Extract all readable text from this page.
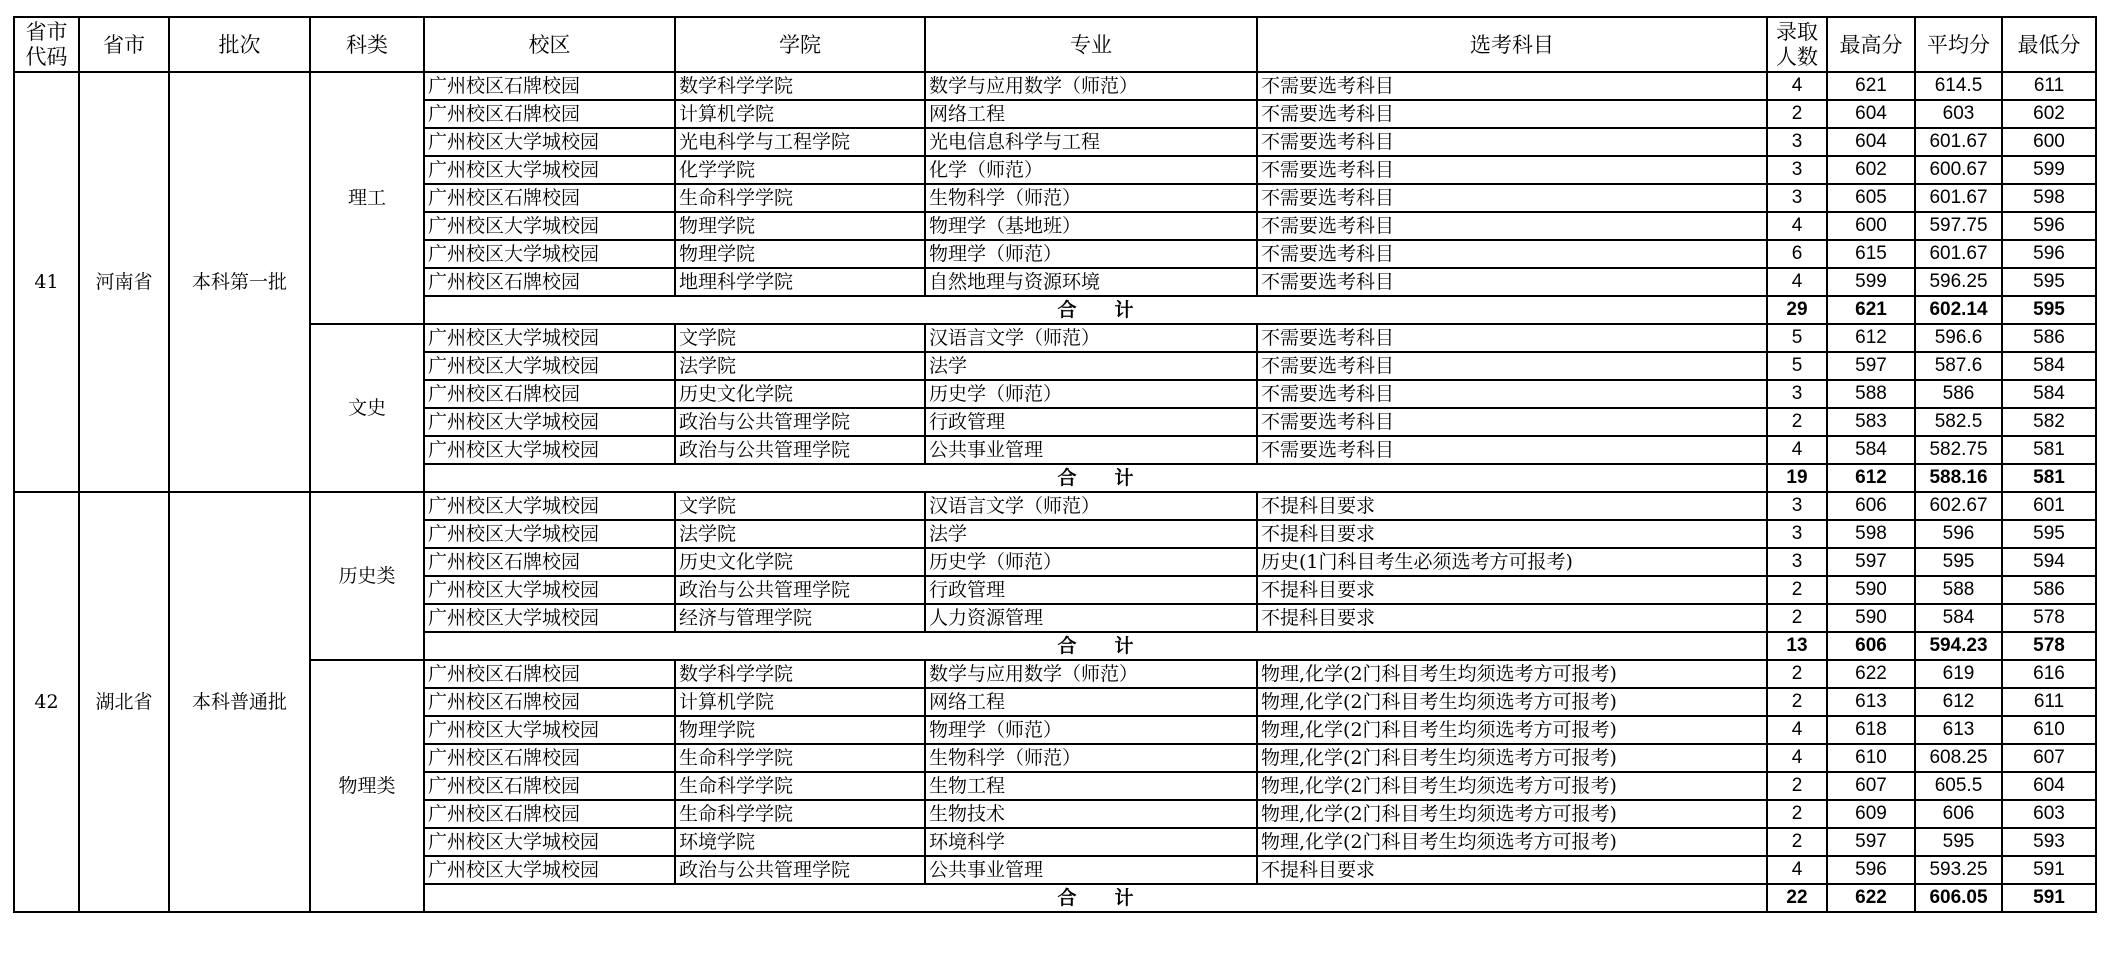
省市代码	省市	批次	科类	校区	学院	专业	选考科目	录取人数	最高分	平均分	最低分
41	河南省	本科第一批	理工	广州校区石牌校园	数学科学学院	数学与应用数学（师范）	不需要选考科目	4	621	614.5	611
				广州校区石牌校园	计算机学院	网络工程	不需要选考科目	2	604	603	602
				广州校区大学城校园	光电科学与工程学院	光电信息科学与工程	不需要选考科目	3	604	601.67	600
				广州校区大学城校园	化学学院	化学（师范）	不需要选考科目	3	602	600.67	599
				广州校区石牌校园	生命科学学院	生物科学（师范）	不需要选考科目	3	605	601.67	598
				广州校区大学城校园	物理学院	物理学（基地班）	不需要选考科目	4	600	597.75	596
				广州校区大学城校园	物理学院	物理学（师范）	不需要选考科目	6	615	601.67	596
				广州校区石牌校园	地理科学学院	自然地理与资源环境	不需要选考科目	4	599	596.25	595
				合　　计				29	621	602.14	595
			文史	广州校区大学城校园	文学院	汉语言文学（师范）	不需要选考科目	5	612	596.6	586
				广州校区大学城校园	法学院	法学	不需要选考科目	5	597	587.6	584
				广州校区石牌校园	历史文化学院	历史学（师范）	不需要选考科目	3	588	586	584
				广州校区大学城校园	政治与公共管理学院	行政管理	不需要选考科目	2	583	582.5	582
				广州校区大学城校园	政治与公共管理学院	公共事业管理	不需要选考科目	4	584	582.75	581
				合　　计				19	612	588.16	581
42	湖北省	本科普通批	历史类	广州校区大学城校园	文学院	汉语言文学（师范）	不提科目要求	3	606	602.67	601
				广州校区大学城校园	法学院	法学	不提科目要求	3	598	596	595
				广州校区石牌校园	历史文化学院	历史学（师范）	历史(1门科目考生必须选考方可报考)	3	597	595	594
				广州校区大学城校园	政治与公共管理学院	行政管理	不提科目要求	2	590	588	586
				广州校区大学城校园	经济与管理学院	人力资源管理	不提科目要求	2	590	584	578
				合　　计				13	606	594.23	578
			物理类	广州校区石牌校园	数学科学学院	数学与应用数学（师范）	物理,化学(2门科目考生均须选考方可报考)	2	622	619	616
				广州校区石牌校园	计算机学院	网络工程	物理,化学(2门科目考生均须选考方可报考)	2	613	612	611
				广州校区大学城校园	物理学院	物理学（师范）	物理,化学(2门科目考生均须选考方可报考)	4	618	613	610
				广州校区石牌校园	生命科学学院	生物科学（师范）	物理,化学(2门科目考生均须选考方可报考)	4	610	608.25	607
				广州校区石牌校园	生命科学学院	生物工程	物理,化学(2门科目考生均须选考方可报考)	2	607	605.5	604
				广州校区石牌校园	生命科学学院	生物技术	物理,化学(2门科目考生均须选考方可报考)	2	609	606	603
				广州校区大学城校园	环境学院	环境科学	物理,化学(2门科目考生均须选考方可报考)	2	597	595	593
				广州校区大学城校园	政治与公共管理学院	公共事业管理	不提科目要求	4	596	593.25	591
				合　　计				22	622	606.05	591
